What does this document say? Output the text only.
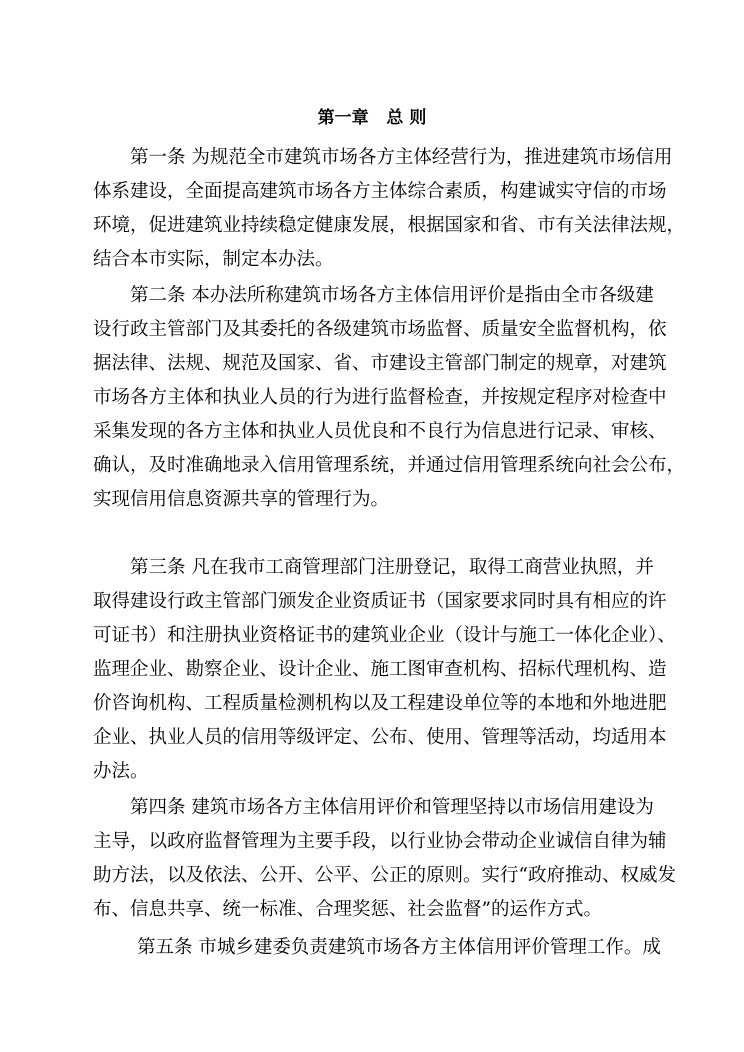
第一章   总 则
第一条 为规范全市建筑市场各方主体经营行为，推进建筑市场信用
体系建设，全面提高建筑市场各方主体综合素质，构建诚实守信的市场
环境，促进建筑业持续稳定健康发展，根据国家和省、市有关法律法规，
结合本市实际，制定本办法。
第二条 本办法所称建筑市场各方主体信用评价是指由全市各级建
设行政主管部门及其委托的各级建筑市场监督、质量安全监督机构，依
据法律、法规、规范及国家、省、市建设主管部门制定的规章，对建筑
市场各方主体和执业人员的行为进行监督检查，并按规定程序对检查中
采集发现的各方主体和执业人员优良和不良行为信息进行记录、审核、
确认，及时准确地录入信用管理系统，并通过信用管理系统向社会公布，
实现信用信息资源共享的管理行为。
第三条 凡在我市工商管理部门注册登记，取得工商营业执照，并
取得建设行政主管部门颁发企业资质证书（国家要求同时具有相应的许
可证书）和注册执业资格证书的建筑业企业（设计与施工一体化企业）、
监理企业、勘察企业、设计企业、施工图审查机构、招标代理机构、造
价咨询机构、工程质量检测机构以及工程建设单位等的本地和外地进肥
企业、执业人员的信用等级评定、公布、使用、管理等活动，均适用本
办法。
第四条 建筑市场各方主体信用评价和管理坚持以市场信用建设为
主导，以政府监督管理为主要手段，以行业协会带动企业诚信自律为辅
助方法，以及依法、公开、公平、公正的原则。实行“政府推动、权威发
布、信息共享、统一标准、合理奖惩、社会监督”的运作方式。
第五条 市城乡建委负责建筑市场各方主体信用评价管理工作。成
